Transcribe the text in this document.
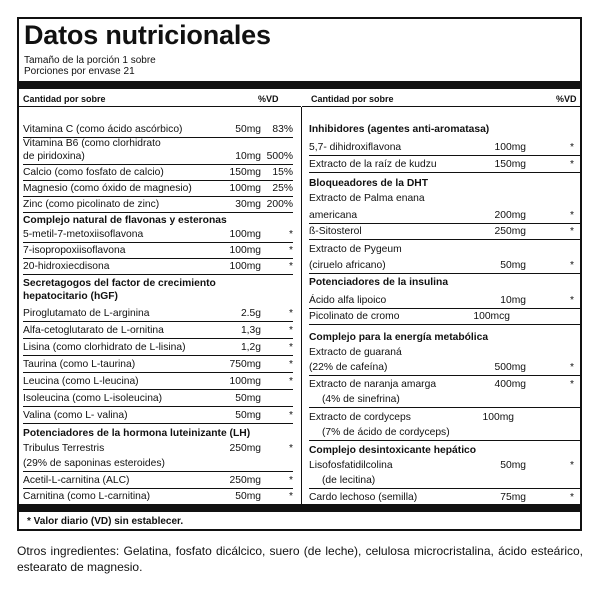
Datos nutricionales
Tamaño de la porción 1 sobre
Porciones por envase 21
Cantidad por sobre	%VD	Cantidad por sobre	%VD
Vitamina C (como ácido ascórbico)	50mg 83%
Vitamina B6 (como clorhidrato
de piridoxina)	10mg 500%
Calcio (como fosfato de calcio)	150mg 15%
Magnesio (como óxido de magnesio)	100mg 25%
Zinc (como picolinato de zinc)	30mg 200%
Complejo natural de flavonas y esteronas
5-metil-7-metoxiisoflavona	100mg	*
7-isopropoxiisoflavona	100mg	*
20-hidroxiecdisona	100mg	*
Secretagogos del factor de crecimiento
hepatocitario (hGF)
Piroglutamato de L-arginina	2.5g	*
Alfa-cetoglutarato de L-ornitina	1,3g	*
Lisina (como clorhidrato de L-lisina)	1,2g	*
Taurina (como L-taurina)	750mg	*
Leucina (como L-leucina)	100mg	*
Isoleucina (como L-isoleucina)	50mg
Valina (como L- valina)	50mg	*
Potenciadores de la hormona luteinizante (LH)
Tribulus Terrestris	250mg	*
(29% de saponinas esteroides)
Acetil-L-carnitina (ALC)	250mg	*
Carnitina (como L-carnitina)	50mg	*
Inhibidores (agentes anti-aromatasa)
5,7- dihidroxiflavona	100mg	*
Extracto de la raíz de kudzu	150mg	*
Bloqueadores de la DHT
Extracto de Palma enana
americana	200mg	*
ß-Sitosterol	250mg	*
Extracto de Pygeum
(ciruelo africano)	50mg	*
Potenciadores de la insulina
Ácido alfa lipoico	10mg	*
Picolinato de cromo	100mcg
Complejo para la energía metabólica
Extracto de guaraná
(22% de cafeína)	500mg	*
Extracto de naranja amarga	400mg	*
(4% de sinefrina)
Extracto de cordyceps	100mg
(7% de ácido de cordyceps)
Complejo desintoxicante hepático
Lisofosfatidilcolina	50mg	*
(de lecitina)
Cardo lechoso (semilla)	75mg	*
* Valor diario (VD) sin establecer.
Otros ingredientes: Gelatina, fosfato dicálcico, suero (de leche), celulosa microcristalina, ácido esteárico, estearato de magnesio.
